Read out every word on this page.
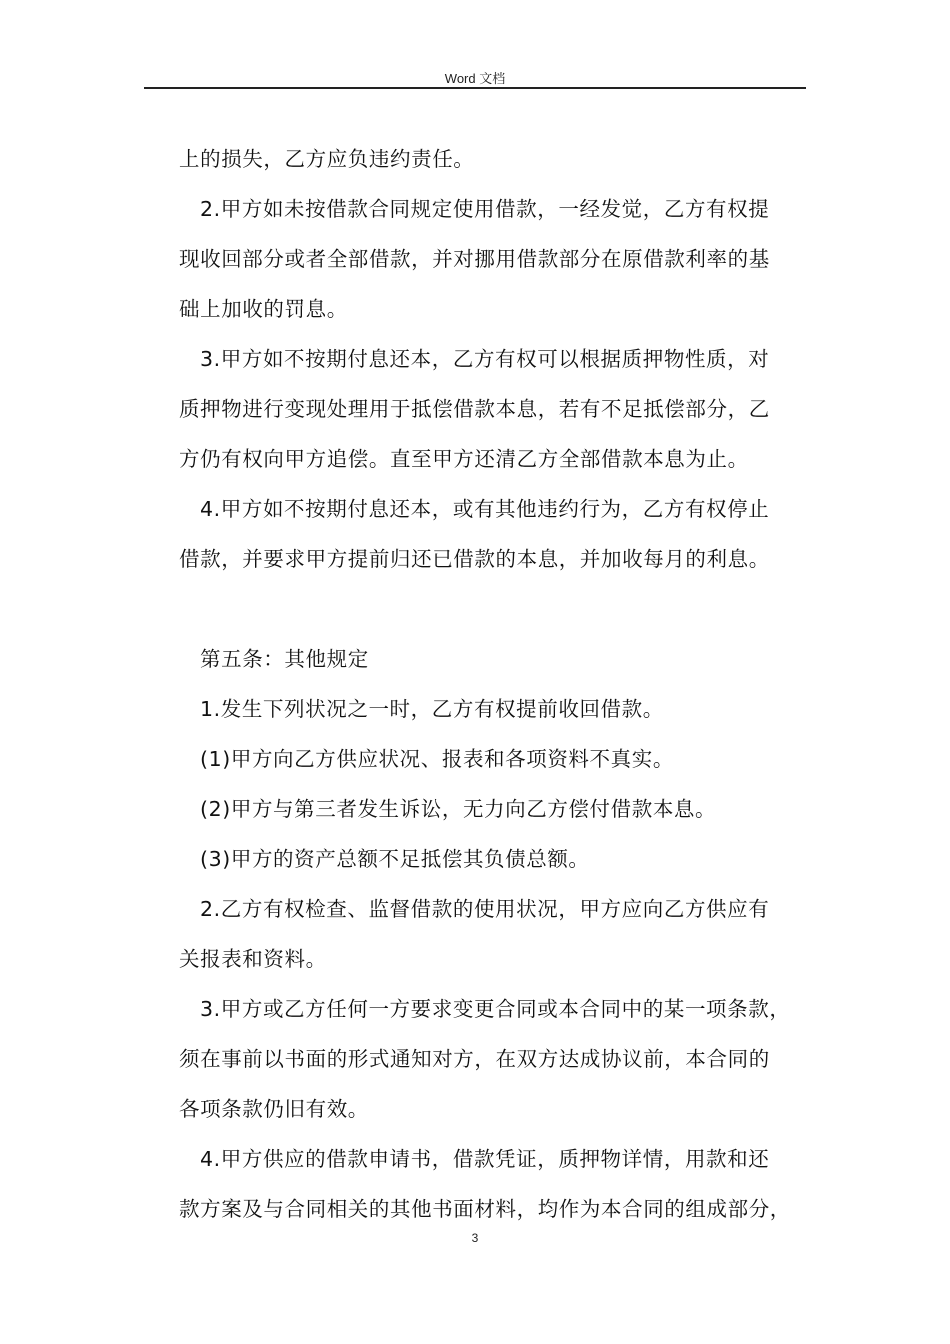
Word 文档
上的损失，乙方应负违约责任。
2.甲方如未按借款合同规定使用借款，一经发觉，乙方有权提
现收回部分或者全部借款，并对挪用借款部分在原借款利率的基
础上加收的罚息。
3.甲方如不按期付息还本，乙方有权可以根据质押物性质，对
质押物进行变现处理用于抵偿借款本息，若有不足抵偿部分，乙
方仍有权向甲方追偿。直至甲方还清乙方全部借款本息为止。
4.甲方如不按期付息还本，或有其他违约行为，乙方有权停止
借款，并要求甲方提前归还已借款的本息，并加收每月的利息。
第五条：其他规定
1.发生下列状况之一时，乙方有权提前收回借款。
(1)甲方向乙方供应状况、报表和各项资料不真实。
(2)甲方与第三者发生诉讼，无力向乙方偿付借款本息。
(3)甲方的资产总额不足抵偿其负债总额。
2.乙方有权检查、监督借款的使用状况，甲方应向乙方供应有
关报表和资料。
3.甲方或乙方任何一方要求变更合同或本合同中的某一项条款，
须在事前以书面的形式通知对方，在双方达成协议前，本合同的
各项条款仍旧有效。
4.甲方供应的借款申请书，借款凭证，质押物详情，用款和还
款方案及与合同相关的其他书面材料，均作为本合同的组成部分，
3
